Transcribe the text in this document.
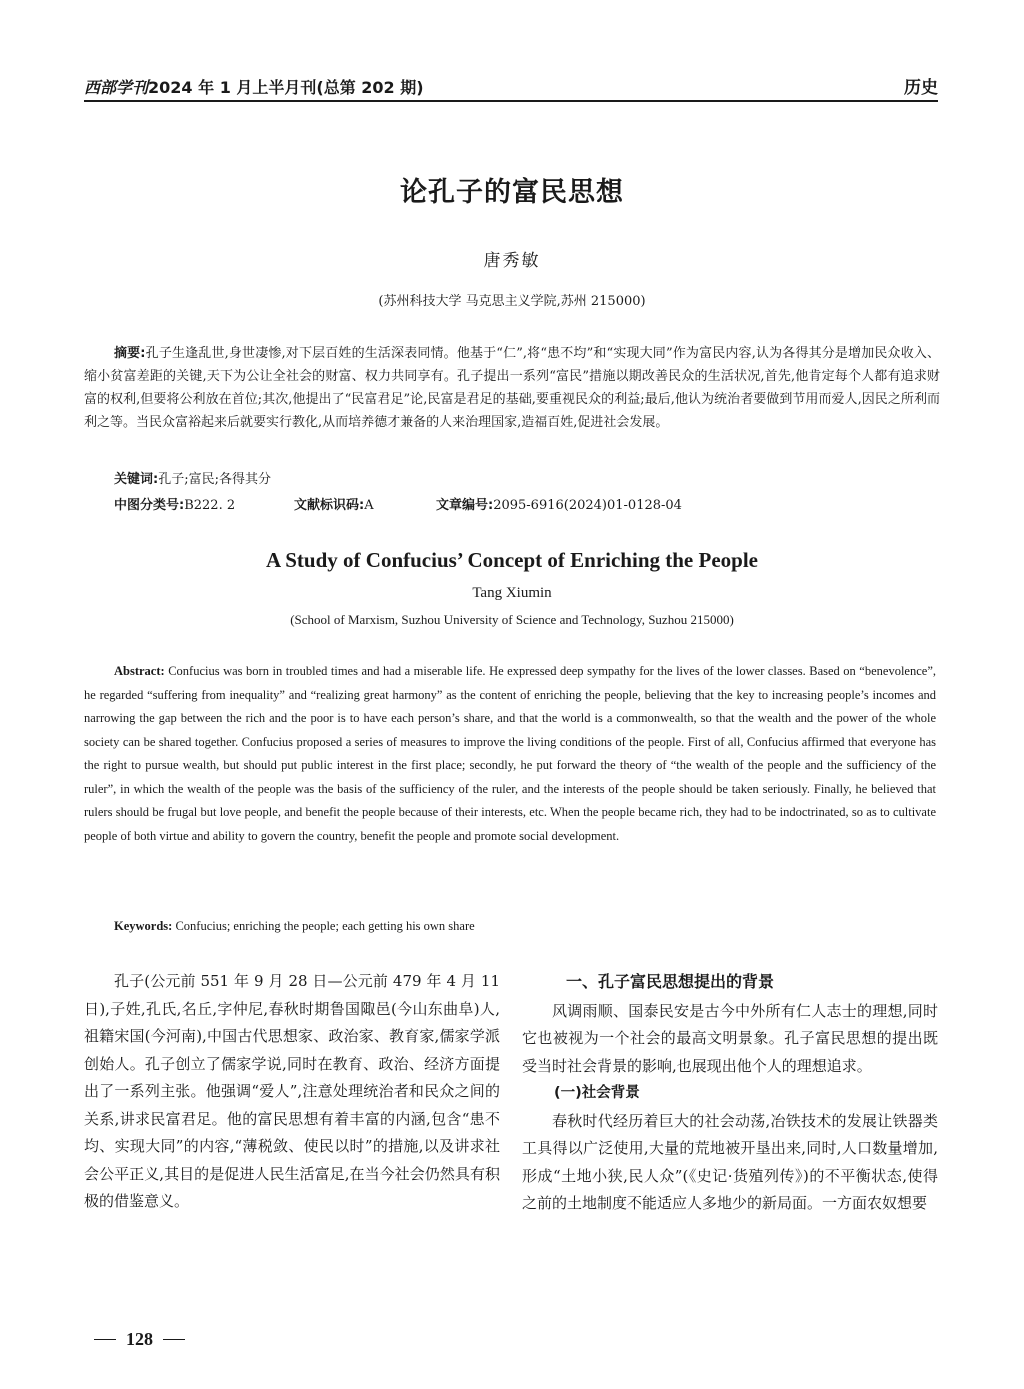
西部学刊2024 年 1 月上半月刊(总第 202 期)	历史
论孔子的富民思想
唐秀敏
(苏州科技大学 马克思主义学院,苏州 215000)
摘要:孔子生逢乱世,身世凄惨,对下层百姓的生活深表同情。他基于“仁”,将“患不均”和“实现大同”作为富民内容,认为各得其分是增加民众收入、缩小贫富差距的关键,天下为公让全社会的财富、权力共同享有。孔子提出一系列“富民”措施以期改善民众的生活状况,首先,他肯定每个人都有追求财富的权利,但要将公利放在首位;其次,他提出了“民富君足”论,民富是君足的基础,要重视民众的利益;最后,他认为统治者要做到节用而爱人,因民之所利而利之等。当民众富裕起来后就要实行教化,从而培养德才兼备的人来治理国家,造福百姓,促进社会发展。
关键词:孔子;富民;各得其分
中图分类号:B222. 2	文献标识码:A	文章编号:2095-6916(2024)01-0128-04
A Study of Confucius’ Concept of Enriching the People
Tang Xiumin
(School of Marxism, Suzhou University of Science and Technology, Suzhou 215000)
Abstract: Confucius was born in troubled times and had a miserable life. He expressed deep sympathy for the lives of the lower classes. Based on “benevolence”, he regarded “suffering from inequality” and “realizing great harmony” as the content of enriching the people, believing that the key to increasing people’s incomes and narrowing the gap between the rich and the poor is to have each person’s share, and that the world is a commonwealth, so that the wealth and the power of the whole society can be shared together. Confucius proposed a series of measures to improve the living conditions of the people. First of all, Confucius affirmed that everyone has the right to pursue wealth, but should put public interest in the first place; secondly, he put forward the theory of “the wealth of the people and the sufficiency of the ruler”, in which the wealth of the people was the basis of the sufficiency of the ruler, and the interests of the people should be taken seriously. Finally, he believed that rulers should be frugal but love people, and benefit the people because of their interests, etc. When the people became rich, they had to be indoctrinated, so as to cultivate people of both virtue and ability to govern the country, benefit the people and promote social development.
Keywords: Confucius; enriching the people; each getting his own share

孔子(公元前 551 年 9 月 28 日—公元前 479 年 4 月 11 日),子姓,孔氏,名丘,字仲尼,春秋时期鲁国陬邑(今山东曲阜)人,祖籍宋国(今河南),中国古代思想家、政治家、教育家,儒家学派创始人。孔子创立了儒家学说,同时在教育、政治、经济方面提出了一系列主张。他强调“爱人”,注意处理统治者和民众之间的关系,讲求民富君足。他的富民思想有着丰富的内涵,包含“患不均、实现大同”的内容,“薄税敛、使民以时”的措施,以及讲求社会公平正义,其目的是促进人民生活富足,在当今社会仍然具有积极的借鉴意义。

一、孔子富民思想提出的背景

风调雨顺、国泰民安是古今中外所有仁人志士的理想,同时它也被视为一个社会的最高文明景象。孔子富民思想的提出既受当时社会背景的影响,也展现出他个人的理想追求。

(一)社会背景

春秋时代经历着巨大的社会动荡,冶铁技术的发展让铁器类工具得以广泛使用,大量的荒地被开垦出来,同时,人口数量增加,形成“土地小狭,民人众”(《史记·货殖列传》)的不平衡状态,使得之前的土地制度不能适应人多地少的新局面。一方面农奴想要

128
